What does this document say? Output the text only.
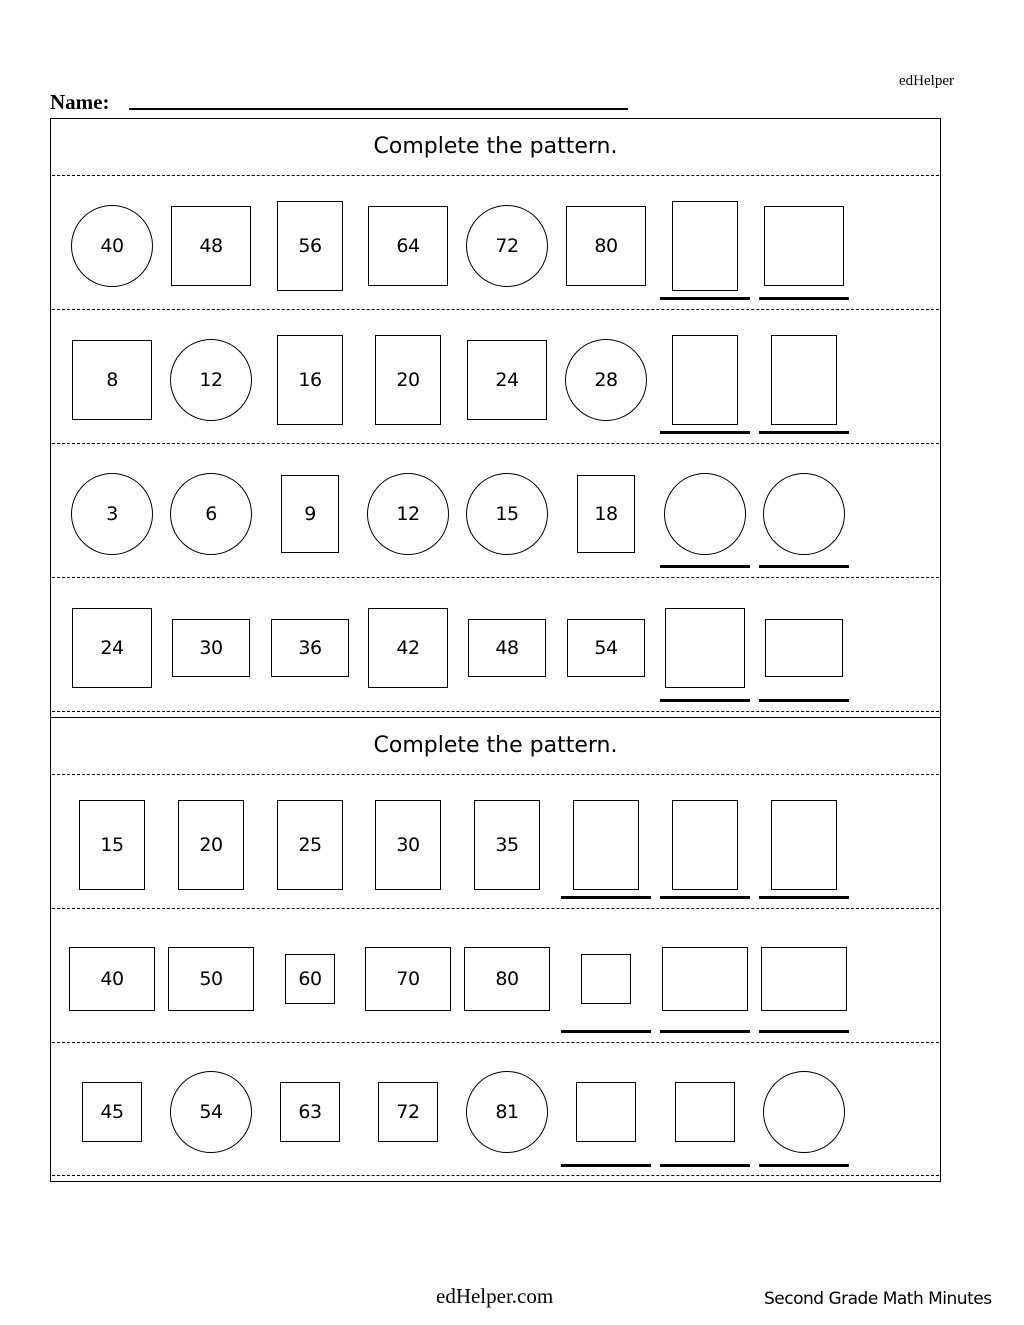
edHelper
Name:
Complete the pattern.
40	48	56	64	72	80
8	12	16	20	24	28
3	6	9	12	15	18
24	30	36	42	48	54
Complete the pattern.
15	20	25	30	35
40	50	60	70	80
45	54	63	72	81
edHelper.com	Second Grade Math Minutes
